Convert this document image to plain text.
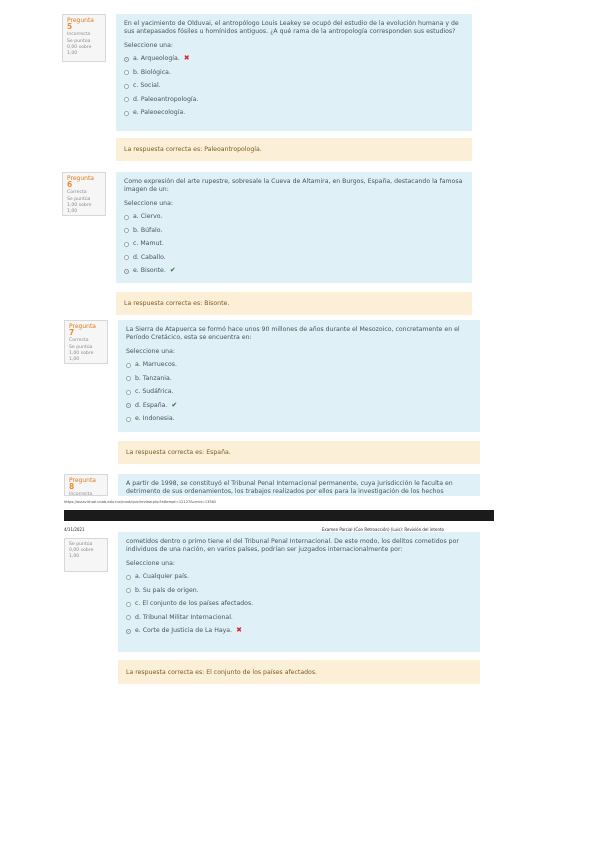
Pregunta 5
Incorrecta
Se puntúa 0,00 sobre 1,00

En el yacimiento de Olduvai, el antropólogo Louis Leakey se ocupó del estudio de la evolución humana y de sus antepasados fósiles u homínidos antiguos. ¿A qué rama de la antropología corresponden sus estudios?

Seleccione una:

a. Arqueología. ✖
b. Biológica.
c. Social.
d. Paleoantropología.
e. Paleoecología.
La respuesta correcta es: Paleoantropología.
Pregunta 6
Correcta
Se puntúa 1,00 sobre 1,00

Como expresión del arte rupestre, sobresale la Cueva de Altamira, en Burgos, España, destacando la famosa imagen de un:

Seleccione una:

a. Ciervo.
b. Búfalo.
c. Mamut.
d. Caballo.
e. Bisonte. ✔
La respuesta correcta es: Bisonte.
Pregunta 7
Correcta
Se puntúa 1,00 sobre 1,00

La Sierra de Atapuerca se formó hace unos 90 millones de años durante el Mesozoico, concretamente en el Período Cretácico, esta se encuentra en:

Seleccione una:

a. Marruecos.
b. Tanzania.
c. Sudáfrica.
d. España. ✔
e. Indonesia.
La respuesta correcta es: España.
Pregunta 8
Incorrecta

A partir de 1998, se constituyó el Tribunal Penal Internacional permanente, cuya jurisdicción le faculta en detrimento de sus ordenamientos, los trabajos realizados por ellos para la investigación de los hechos

https://aulavirtual.unab.edu.mx/mod/quiz/review.php?attempt=12127&cmid=13562
4/11/2021	Examen Parcial (Con Retroacción) (Luis): Revisión del intento
Se puntúa 0,00 sobre 1,00

cometidos dentro o primo tiene el del Tribunal Penal Internacional. De este modo, los delitos cometidos por individuos de una nación, en varios países, podrían ser juzgados internacionalmente por:

Seleccione una:

a. Cualquier país.
b. Su país de origen.
c. El conjunto de los países afectados.
d. Tribunal Militar Internacional.
e. Corte de Justicia de La Haya. ✖
La respuesta correcta es: El conjunto de los países afectados.
